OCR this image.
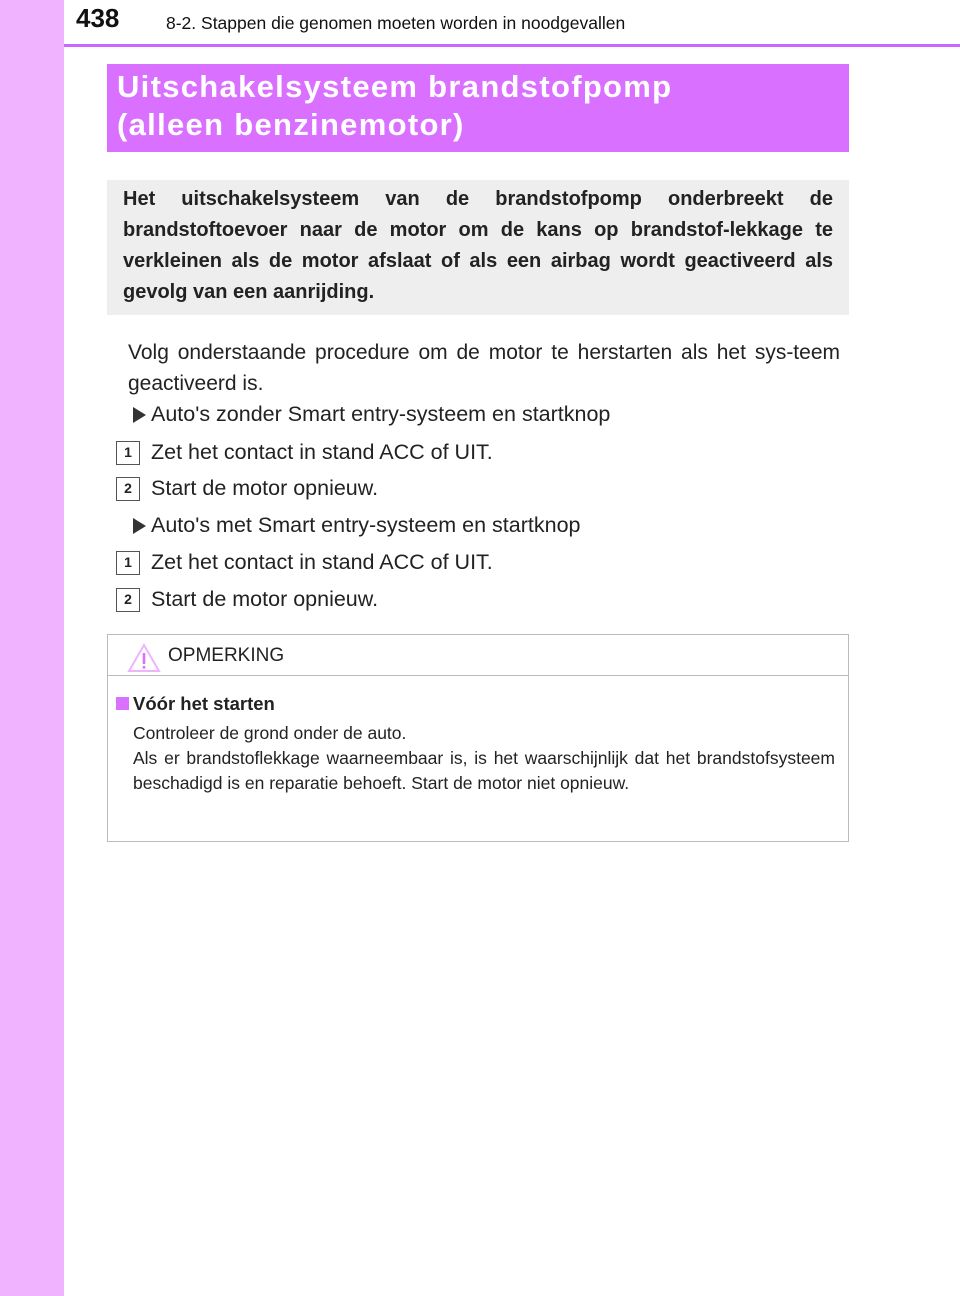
438	8-2. Stappen die genomen moeten worden in noodgevallen
Uitschakelsysteem brandstofpomp
(alleen benzinemotor)

Het uitschakelsysteem van de brandstofpomp onderbreekt de brandstoftoevoer naar de motor om de kans op brandstof-lekkage te verkleinen als de motor afslaat of als een airbag wordt geactiveerd als gevolg van een aanrijding.

Volg onderstaande procedure om de motor te herstarten als het sys-teem geactiveerd is.

Auto's zonder Smart entry-systeem en startknop
1 Zet het contact in stand ACC of UIT.
2 Start de motor opnieuw.
Auto's met Smart entry-systeem en startknop
1 Zet het contact in stand ACC of UIT.
2 Start de motor opnieuw.
OPMERKING
Vóór het starten
Controleer de grond onder de auto.
Als er brandstoflekkage waarneembaar is, is het waarschijnlijk dat het brandstofsysteem beschadigd is en reparatie behoeft. Start de motor niet opnieuw.
